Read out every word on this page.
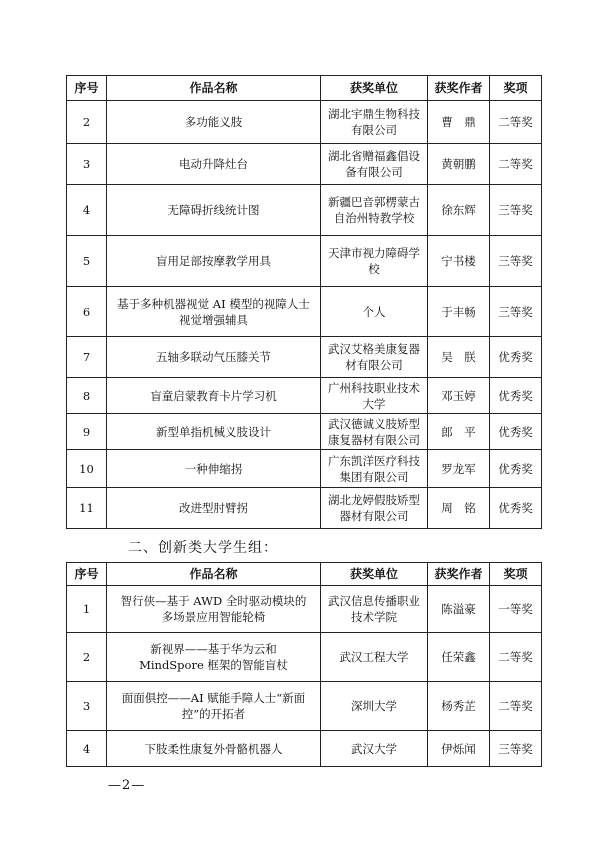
序号	作品名称	获奖单位	获奖作者	奖项
2	多功能义肢	湖北宇鼎生物科技有限公司	曹　鼎	二等奖
3	电动升降灶台	湖北省赠福鑫倡设备有限公司	黄朝鹏	二等奖
4	无障碍折线统计图	新疆巴音郭楞蒙古自治州特教学校	徐东辉	三等奖
5	盲用足部按摩教学用具	天津市视力障碍学校	宁书楼	三等奖
6	基于多种机器视觉 AI 模型的视障人士视觉增强辅具	个人	于丰畅	三等奖
7	五轴多联动气压膝关节	武汉艾格美康复器材有限公司	吴　朕	优秀奖
8	盲童启蒙教育卡片学习机	广州科技职业技术大学	邓玉婷	优秀奖
9	新型单指机械义肢设计	武汉德诚义肢矫型康复器材有限公司	郎　平	优秀奖
10	一种伸缩拐	广东凯洋医疗科技集团有限公司	罗龙军	优秀奖
11	改进型肘臂拐	湖北龙婷假肢矫型器材有限公司	周　铭	优秀奖
二、创新类大学生组：
序号	作品名称	获奖单位	获奖作者	奖项
1	智行侠—基于 AWD 全时驱动模块的多场景应用智能轮椅	武汉信息传播职业技术学院	陈溢豪	一等奖
2	新视界——基于华为云和 MindSpore 框架的智能盲杖	武汉工程大学	任荣鑫	二等奖
3	面面俱控——AI 赋能手障人士“新面控”的开拓者	深圳大学	杨秀芷	二等奖
4	下肢柔性康复外骨骼机器人	武汉大学	伊烁闻	三等奖
—2—
